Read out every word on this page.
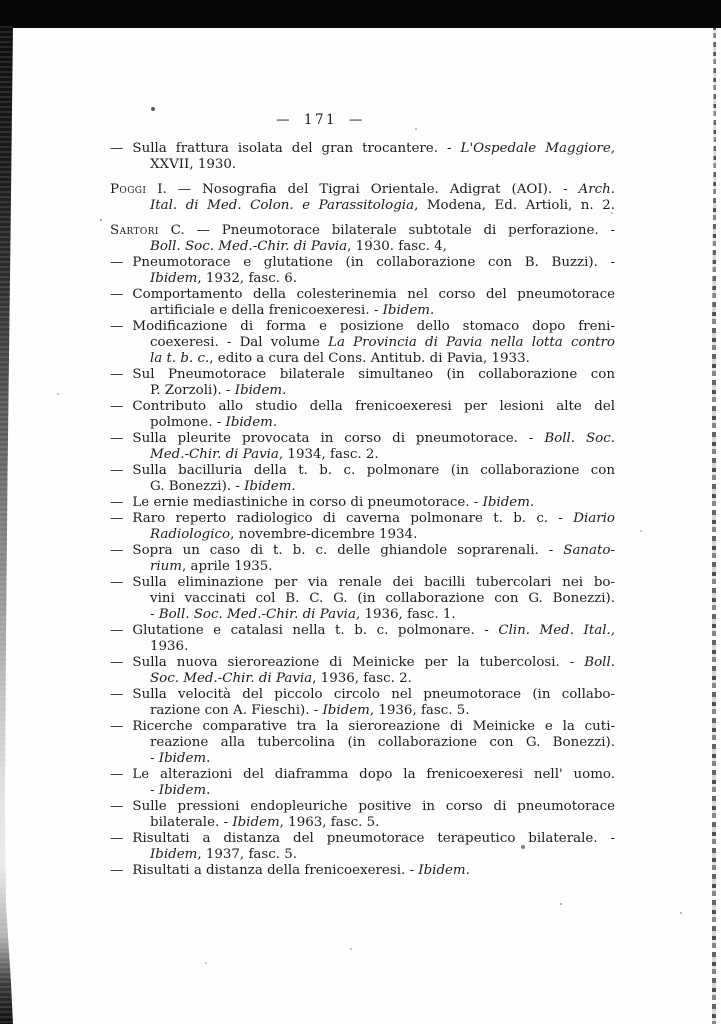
— 171 —
— Sulla frattura isolata del gran trocantere. - L'Ospedale Maggiore,
XXVII, 1930.
Poggi I. — Nosografia del Tigrai Orientale. Adigrat (AOI). - Arch.
Ital. di Med. Colon. e Parassitologia, Modena, Ed. Artioli, n. 2.
Sartori C. — Pneumotorace bilaterale subtotale di perforazione. -
Boll. Soc. Med.-Chir. di Pavia, 1930. fasc. 4,
— Pneumotorace e glutatione (in collaborazione con B. Buzzi). -
Ibidem, 1932, fasc. 6.
— Comportamento della colesterinemia nel corso del pneumotorace
artificiale e della frenicoexeresi. - Ibidem.
— Modificazione di forma e posizione dello stomaco dopo freni-
coexeresi. - Dal volume La Provincia di Pavia nella lotta contro
la t. b. c., edito a cura del Cons. Antitub. di Pavia, 1933.
— Sul Pneumotorace bilaterale simultaneo (in collaborazione con
P. Zorzoli). - Ibidem.
— Contributo allo studio della frenicoexeresi per lesioni alte del
polmone. - Ibidem.
— Sulla pleurite provocata in corso di pneumotorace. - Boll. Soc.
Med.-Chir. di Pavia, 1934, fasc. 2.
— Sulla bacilluria della t. b. c. polmonare (in collaborazione con
G. Bonezzi). - Ibidem.
— Le ernie mediastiniche in corso di pneumotorace. - Ibidem.
— Raro reperto radiologico di caverna polmonare t. b. c. - Diario
Radiologico, novembre-dicembre 1934.
— Sopra un caso di t. b. c. delle ghiandole soprarenali. - Sanato-
rium, aprile 1935.
— Sulla eliminazione per via renale dei bacilli tubercolari nei bo-
vini vaccinati col B. C. G. (in collaborazione con G. Bonezzi).
- Boll. Soc. Med.-Chir. di Pavia, 1936, fasc. 1.
— Glutatione e catalasi nella t. b. c. polmonare. - Clin. Med. Ital.,
1936.
— Sulla nuova sieroreazione di Meinicke per la tubercolosi. - Boll.
Soc. Med.-Chir. di Pavia, 1936, fasc. 2.
— Sulla velocità del piccolo circolo nel pneumotorace (in collabo-
razione con A. Fieschi). - Ibidem, 1936, fasc. 5.
— Ricerche comparative tra la sieroreazione di Meinicke e la cuti-
reazione alla tubercolina (in collaborazione con G. Bonezzi).
- Ibidem.
— Le alterazioni del diaframma dopo la frenicoexeresi nell' uomo.
- Ibidem.
— Sulle pressioni endopleuriche positive in corso di pneumotorace
bilaterale. - Ibidem, 1963, fasc. 5.
— Risultati a distanza del pneumotorace terapeutico bilaterale. -
Ibidem, 1937, fasc. 5.
— Risultati a distanza della frenicoexeresi. - Ibidem.
